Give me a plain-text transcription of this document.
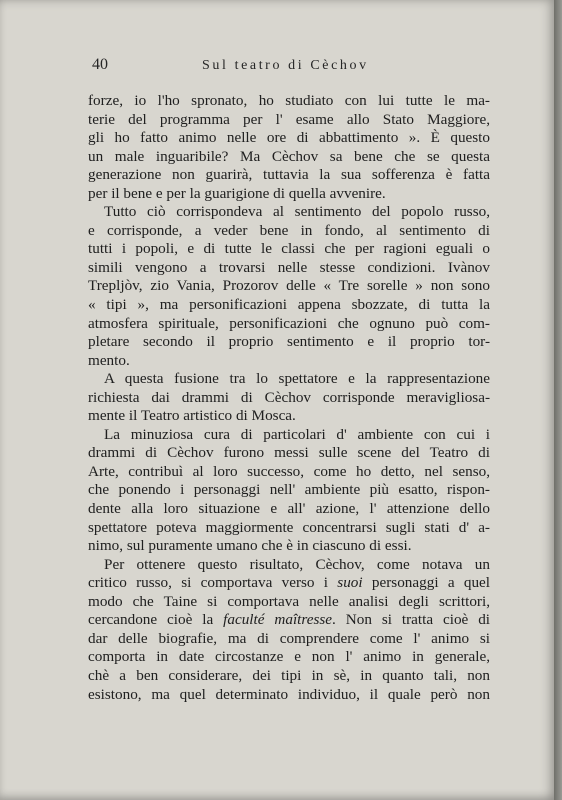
40	Sul teatro di Cèchov
forze, io l'ho spronato, ho studiato con lui tutte le ma-
terie del programma per l' esame allo Stato Maggiore,
gli ho fatto animo nelle ore di abbattimento ». È questo
un male inguaribile? Ma Cèchov sa bene che se questa
generazione non guarirà, tuttavia la sua sofferenza è fatta
per il bene e per la guarigione di quella avvenire.
Tutto ciò corrispondeva al sentimento del popolo russo,
e corrisponde, a veder bene in fondo, al sentimento di
tutti i popoli, e di tutte le classi che per ragioni eguali o
simili vengono a trovarsi nelle stesse condizioni. Ivànov
Trepljòv, zio Vania, Prozorov delle « Tre sorelle » non sono
« tipi », ma personificazioni appena sbozzate, di tutta la
atmosfera spirituale, personificazioni che ognuno può com-
pletare secondo il proprio sentimento e il proprio tor-
mento.
A questa fusione tra lo spettatore e la rappresentazione
richiesta dai drammi di Cèchov corrisponde meravigliosa-
mente il Teatro artistico di Mosca.
La minuziosa cura di particolari d' ambiente con cui i
drammi di Cèchov furono messi sulle scene del Teatro di
Arte, contribuì al loro successo, come ho detto, nel senso,
che ponendo i personaggi nell' ambiente più esatto, rispon-
dente alla loro situazione e all' azione, l' attenzione dello
spettatore poteva maggiormente concentrarsi sugli stati d' a-
nimo, sul puramente umano che è in ciascuno di essi.
Per ottenere questo risultato, Cèchov, come notava un
critico russo, si comportava verso i suoi personaggi a quel
modo che Taine si comportava nelle analisi degli scrittori,
cercandone cioè la faculté maîtresse. Non si tratta cioè di
dar delle biografie, ma di comprendere come l' animo si
comporta in date circostanze e non l' animo in generale,
chè a ben considerare, dei tipi in sè, in quanto tali, non
esistono, ma quel determinato individuo, il quale però non
